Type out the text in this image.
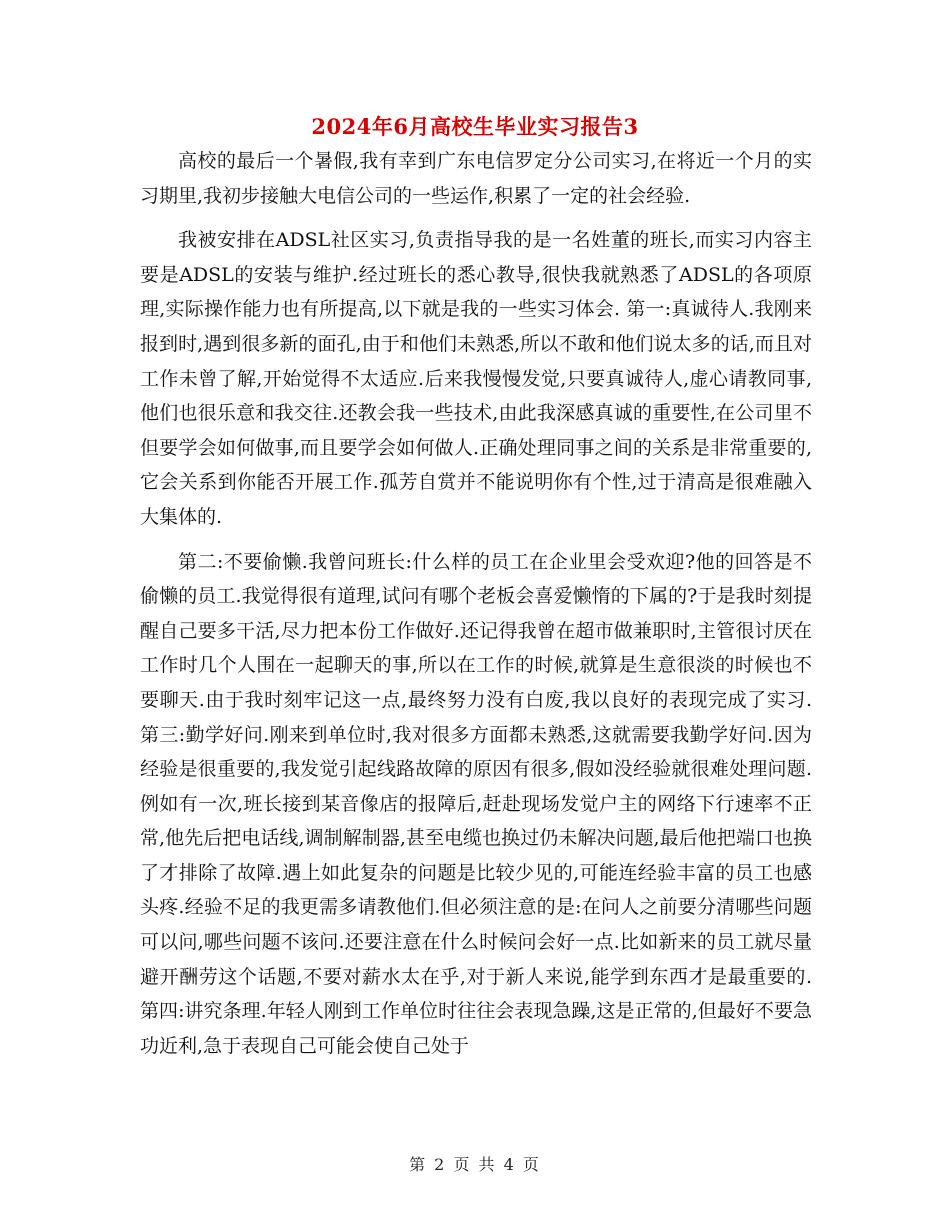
2024年6月高校生毕业实习报告3

高校的最后一个暑假,我有幸到广东电信罗定分公司实习,在将近一个月的实习期里,我初步接触大电信公司的一些运作,积累了一定的社会经验.

我被安排在ADSL社区实习,负责指导我的是一名姓董的班长,而实习内容主要是ADSL的安装与维护.经过班长的悉心教导,很快我就熟悉了ADSL的各项原理,实际操作能力也有所提高,以下就是我的一些实习体会. 第一:真诚待人.我刚来报到时,遇到很多新的面孔,由于和他们未熟悉,所以不敢和他们说太多的话,而且对工作未曾了解,开始觉得不太适应.后来我慢慢发觉,只要真诚待人,虚心请教同事,他们也很乐意和我交往.还教会我一些技术,由此我深感真诚的重要性,在公司里不但要学会如何做事,而且要学会如何做人.正确处理同事之间的关系是非常重要的,它会关系到你能否开展工作.孤芳自赏并不能说明你有个性,过于清高是很难融入大集体的.

第二:不要偷懒.我曾问班长:什么样的员工在企业里会受欢迎?他的回答是不偷懒的员工.我觉得很有道理,试问有哪个老板会喜爱懒惰的下属的?于是我时刻提醒自己要多干活,尽力把本份工作做好.还记得我曾在超市做兼职时,主管很讨厌在工作时几个人围在一起聊天的事,所以在工作的时候,就算是生意很淡的时候也不要聊天.由于我时刻牢记这一点,最终努力没有白废,我以良好的表现完成了实习. 第三:勤学好问.刚来到单位时,我对很多方面都未熟悉,这就需要我勤学好问.因为经验是很重要的,我发觉引起线路故障的原因有很多,假如没经验就很难处理问题.例如有一次,班长接到某音像店的报障后,赶赴现场发觉户主的网络下行速率不正常,他先后把电话线,调制解制器,甚至电缆也换过仍未解决问题,最后他把端口也换了才排除了故障.遇上如此复杂的问题是比较少见的,可能连经验丰富的员工也感头疼.经验不足的我更需多请教他们.但必须注意的是:在问人之前要分清哪些问题可以问,哪些问题不该问.还要注意在什么时候问会好一点.比如新来的员工就尽量避开酬劳这个话题,不要对薪水太在乎,对于新人来说,能学到东西才是最重要的. 第四:讲究条理.年轻人刚到工作单位时往往会表现急躁,这是正常的,但最好不要急功近利,急于表现自己可能会使自己处于

第 2 页 共 4 页
